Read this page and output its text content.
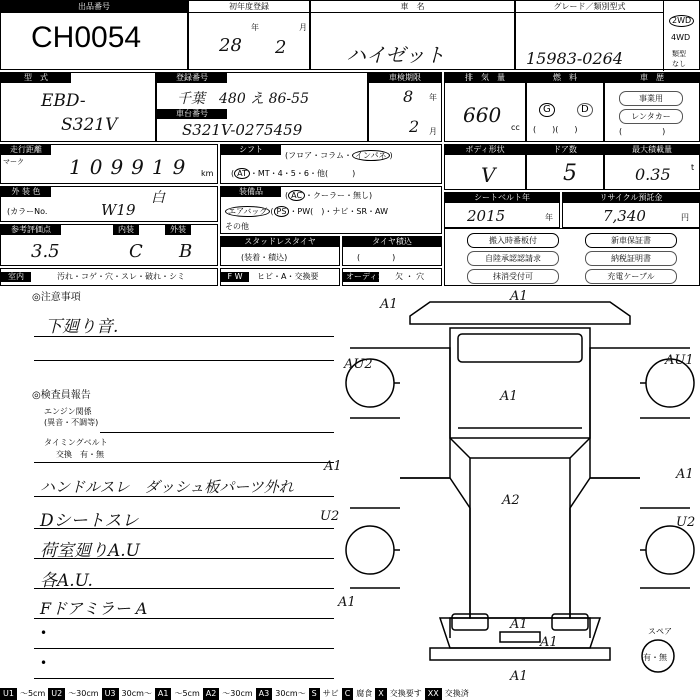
出品番号
CH0054
初年度登録
年	月
28 2
車　名
ハイゼット
グレード／類別型式
15983-0264
2WD
4WD
類型
なし
型　式
EBD-
S321V
登録番号
千葉　480 え 86-55
車台番号
S321V-0275459
車検期限
8 年
2 月
排　気　量
660
cc
燃　料
G	D
(　　)(　　)
車　歴
事業用
レンタカー
(　　　　　)
走行距離
マーク 109919 km
シフト
(フロア・コラム・ インパネ )
( AT ・MT・4・5・6・他(　　　)
ボディ形状
V
ドア数
5
最大積載量
0.35	t
外 装 色	白
(カラーNo.	W19
装備品	( AC ・クーラー・無し)
エアバッグ ( PS ・PW(　)・ナビ・SR・AW
その他
シートベルト年
2015	年
リサイクル預託金
7,340	円
参考評価点
3.5
内装
C
外装
B	スタッドレスタイヤ
(装着・積込)
タイヤ積込
(　　　　)
搬入時番板付	新車保証書
自陸承認認請求	納税証明書
抹消受付可	充電ケーブル
室内	汚れ・コゲ・穴・スレ・破れ・シミ	F W	ヒビ・A・交換要	オーディオ 欠 ・ 穴
◎注意事項
下廻り音.
◎検査員報告
エンジン関係
(異音・不調等)
タイミングベルト
交換　有・無
ハンドルスレ　ダッシュ板パーツ外れ
Dシートスレ
荷室廻りA.U
各A.U.
Fドアミラー A
•
•
A1
A1
AU2	AU1
A1
A1
A1
U2
A2
U2
A1
A1
A1
A1
スペア
有・無
U1 ～5cm U2 ～30cm U3 30cm～ A1 ～5cm A2 ～30cm A3 30cm～ S サビ C 腐食 X 交換要す XX 交換済
